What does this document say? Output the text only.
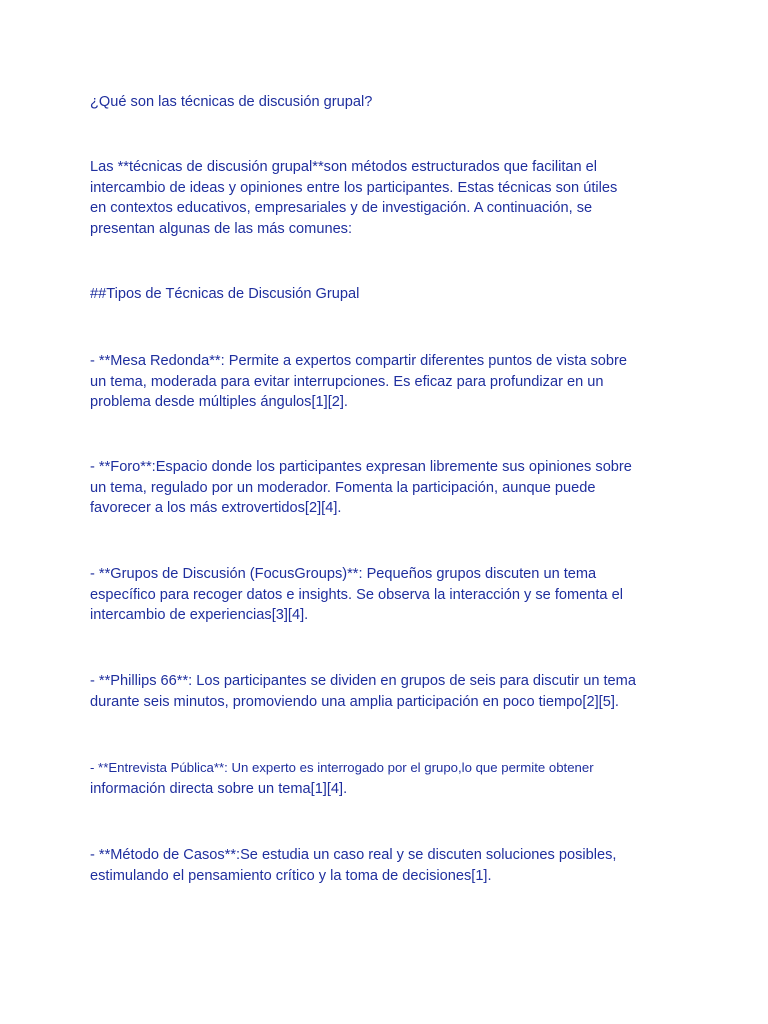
¿Qué son las técnicas de discusión grupal?

Las **técnicas de discusión grupal**son métodos estructurados que facilitan el
intercambio de ideas y opiniones entre los participantes. Estas técnicas son útiles
en contextos educativos, empresariales y de investigación. A continuación, se
presentan algunas de las más comunes:

##Tipos de Técnicas de Discusión Grupal

- **Mesa Redonda**: Permite a expertos compartir diferentes puntos de vista sobre
un tema, moderada para evitar interrupciones. Es eficaz para profundizar en un
problema desde múltiples ángulos[1][2].

- **Foro**:Espacio donde los participantes expresan libremente sus opiniones sobre
un tema, regulado por un moderador. Fomenta la participación, aunque puede
favorecer a los más extrovertidos[2][4].

- **Grupos de Discusión (FocusGroups)**: Pequeños grupos discuten un tema
específico para recoger datos e insights. Se observa la interacción y se fomenta el
intercambio de experiencias[3][4].

- **Phillips 66**: Los participantes se dividen en grupos de seis para discutir un tema
durante seis minutos, promoviendo una amplia participación en poco tiempo[2][5].

- **Entrevista Pública**: Un experto es interrogado por el grupo,lo que permite obtener
información directa sobre un tema[1][4].

- **Método de Casos**:Se estudia un caso real y se discuten soluciones posibles,
estimulando el pensamiento crítico y la toma de decisiones[1].
